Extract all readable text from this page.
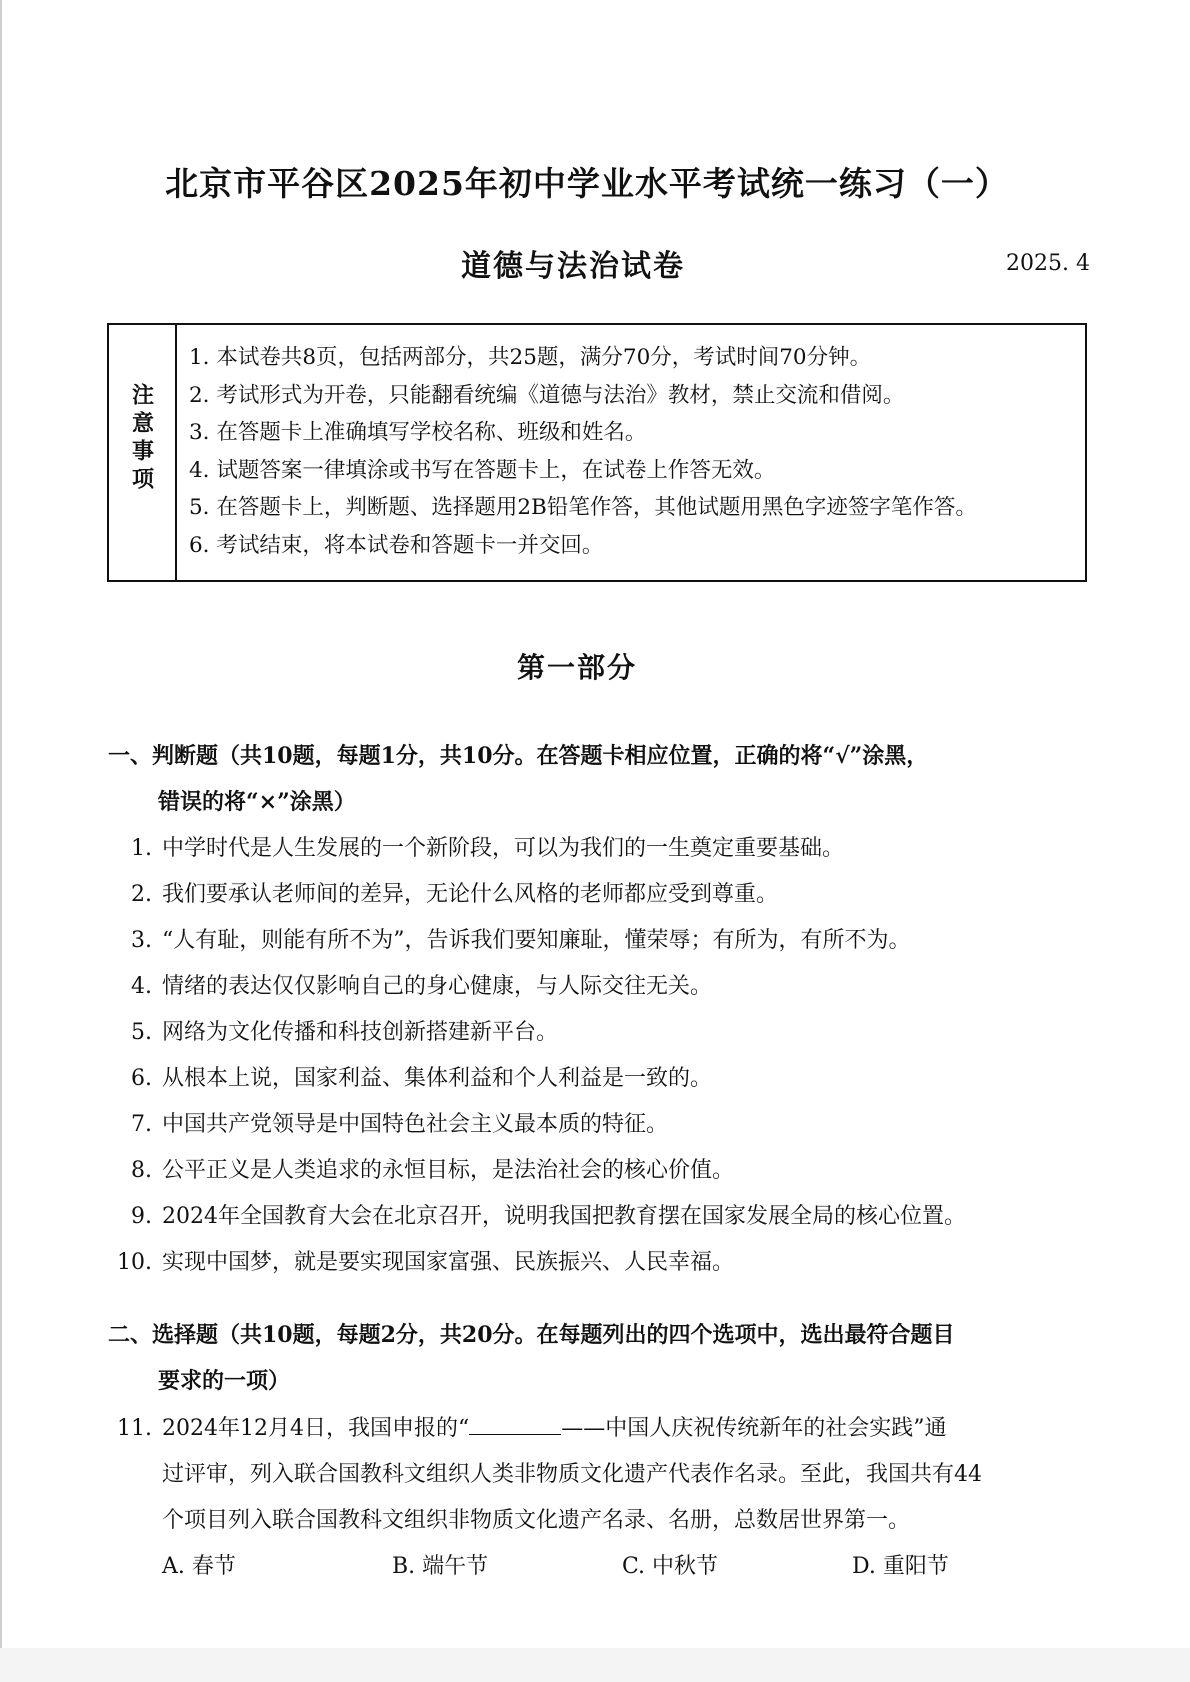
北京市平谷区2025年初中学业水平考试统一练习（一）
道德与法治试卷	2025. 4
注意事项
1. 本试卷共8页，包括两部分，共25题，满分70分，考试时间70分钟。
2. 考试形式为开卷，只能翻看统编《道德与法治》教材，禁止交流和借阅。
3. 在答题卡上准确填写学校名称、班级和姓名。
4. 试题答案一律填涂或书写在答题卡上，在试卷上作答无效。
5. 在答题卡上，判断题、选择题用2B铅笔作答，其他试题用黑色字迹签字笔作答。
6. 考试结束，将本试卷和答题卡一并交回。
第一部分
一、判断题（共10题，每题1分，共10分。在答题卡相应位置，正确的将“√”涂黑，
错误的将“×”涂黑）
1. 中学时代是人生发展的一个新阶段，可以为我们的一生奠定重要基础。
2. 我们要承认老师间的差异，无论什么风格的老师都应受到尊重。
3. “人有耻，则能有所不为”，告诉我们要知廉耻，懂荣辱；有所为，有所不为。
4. 情绪的表达仅仅影响自己的身心健康，与人际交往无关。
5. 网络为文化传播和科技创新搭建新平台。
6. 从根本上说，国家利益、集体利益和个人利益是一致的。
7. 中国共产党领导是中国特色社会主义最本质的特征。
8. 公平正义是人类追求的永恒目标，是法治社会的核心价值。
9. 2024年全国教育大会在北京召开，说明我国把教育摆在国家发展全局的核心位置。
10. 实现中国梦，就是要实现国家富强、民族振兴、人民幸福。
二、选择题（共10题，每题2分，共20分。在每题列出的四个选项中，选出最符合题目
要求的一项）
11. 2024年12月4日，我国申报的“	——中国人庆祝传统新年的社会实践”通
过评审，列入联合国教科文组织人类非物质文化遗产代表作名录。至此，我国共有44
个项目列入联合国教科文组织非物质文化遗产名录、名册，总数居世界第一。
A. 春节	B. 端午节	C. 中秋节	D. 重阳节
